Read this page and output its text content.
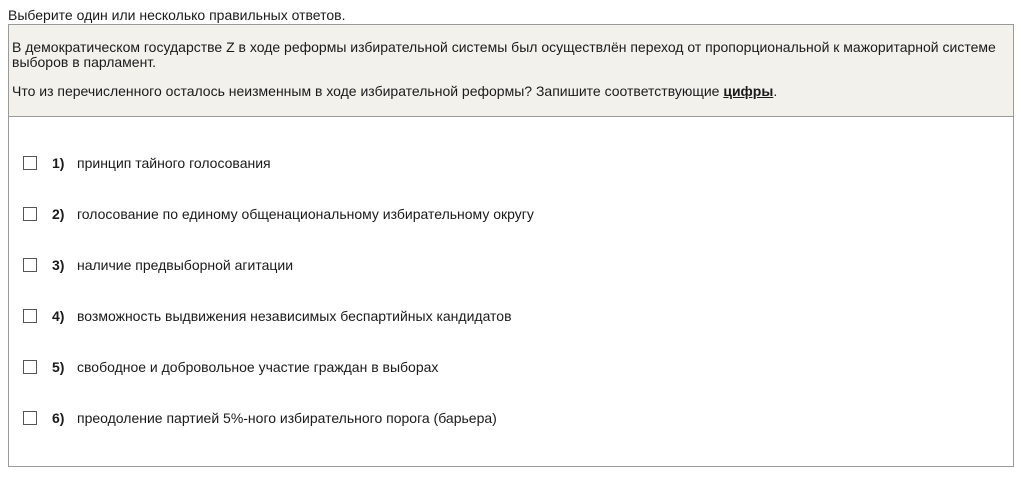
Выберите один или несколько правильных ответов.

В демократическом государстве Z в ходе реформы избирательной системы был осуществлён переход от пропорциональной к мажоритарной системе выборов в парламент.

Что из перечисленного осталось неизменным в ходе избирательной реформы? Запишите соответствующие цифры.

1) принцип тайного голосования
2) голосование по единому общенациональному избирательному округу
3) наличие предвыборной агитации
4) возможность выдвижения независимых беспартийных кандидатов
5) свободное и добровольное участие граждан в выборах
6) преодоление партией 5%-ного избирательного порога (барьера)
